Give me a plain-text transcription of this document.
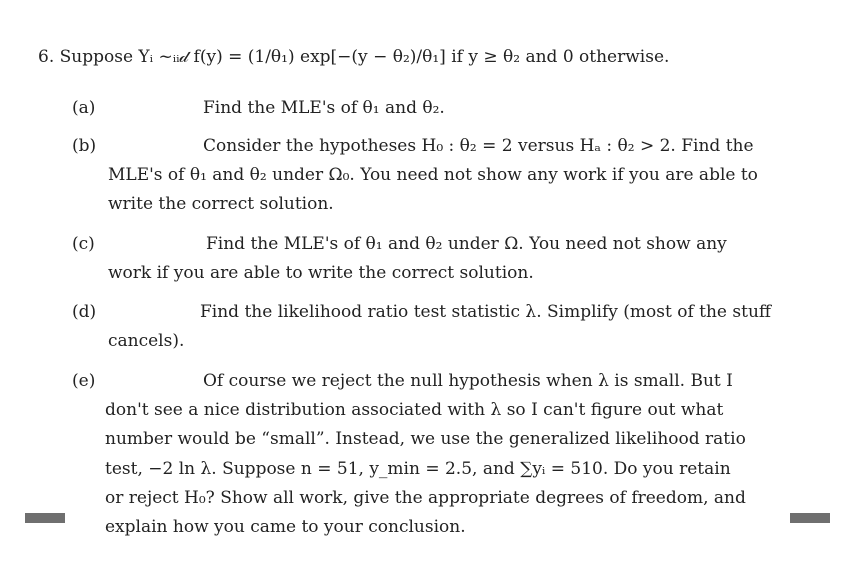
6. Suppose Yᵢ ~ᵢᵢ𝒹 f(y) = (1/θ₁) exp[−(y − θ₂)/θ₁] if y ≥ θ₂ and 0 otherwise.
(a)	Find the MLE's of θ₁ and θ₂.
(b)	Consider the hypotheses H₀ : θ₂ = 2 versus Hₐ : θ₂ > 2. Find the
MLE's of θ₁ and θ₂ under Ω₀. You need not show any work if you are able to
write the correct solution.
(c)	Find the MLE's of θ₁ and θ₂ under Ω. You need not show any
work if you are able to write the correct solution.
(d)	Find the likelihood ratio test statistic λ. Simplify (most of the stuff
cancels).
(e)	Of course we reject the null hypothesis when λ is small. But I
don't see a nice distribution associated with λ so I can't figure out what
number would be “small”. Instead, we use the generalized likelihood ratio
test, −2 ln λ. Suppose n = 51, y_min = 2.5, and ∑yᵢ = 510. Do you retain
or reject H₀? Show all work, give the appropriate degrees of freedom, and
explain how you came to your conclusion.
